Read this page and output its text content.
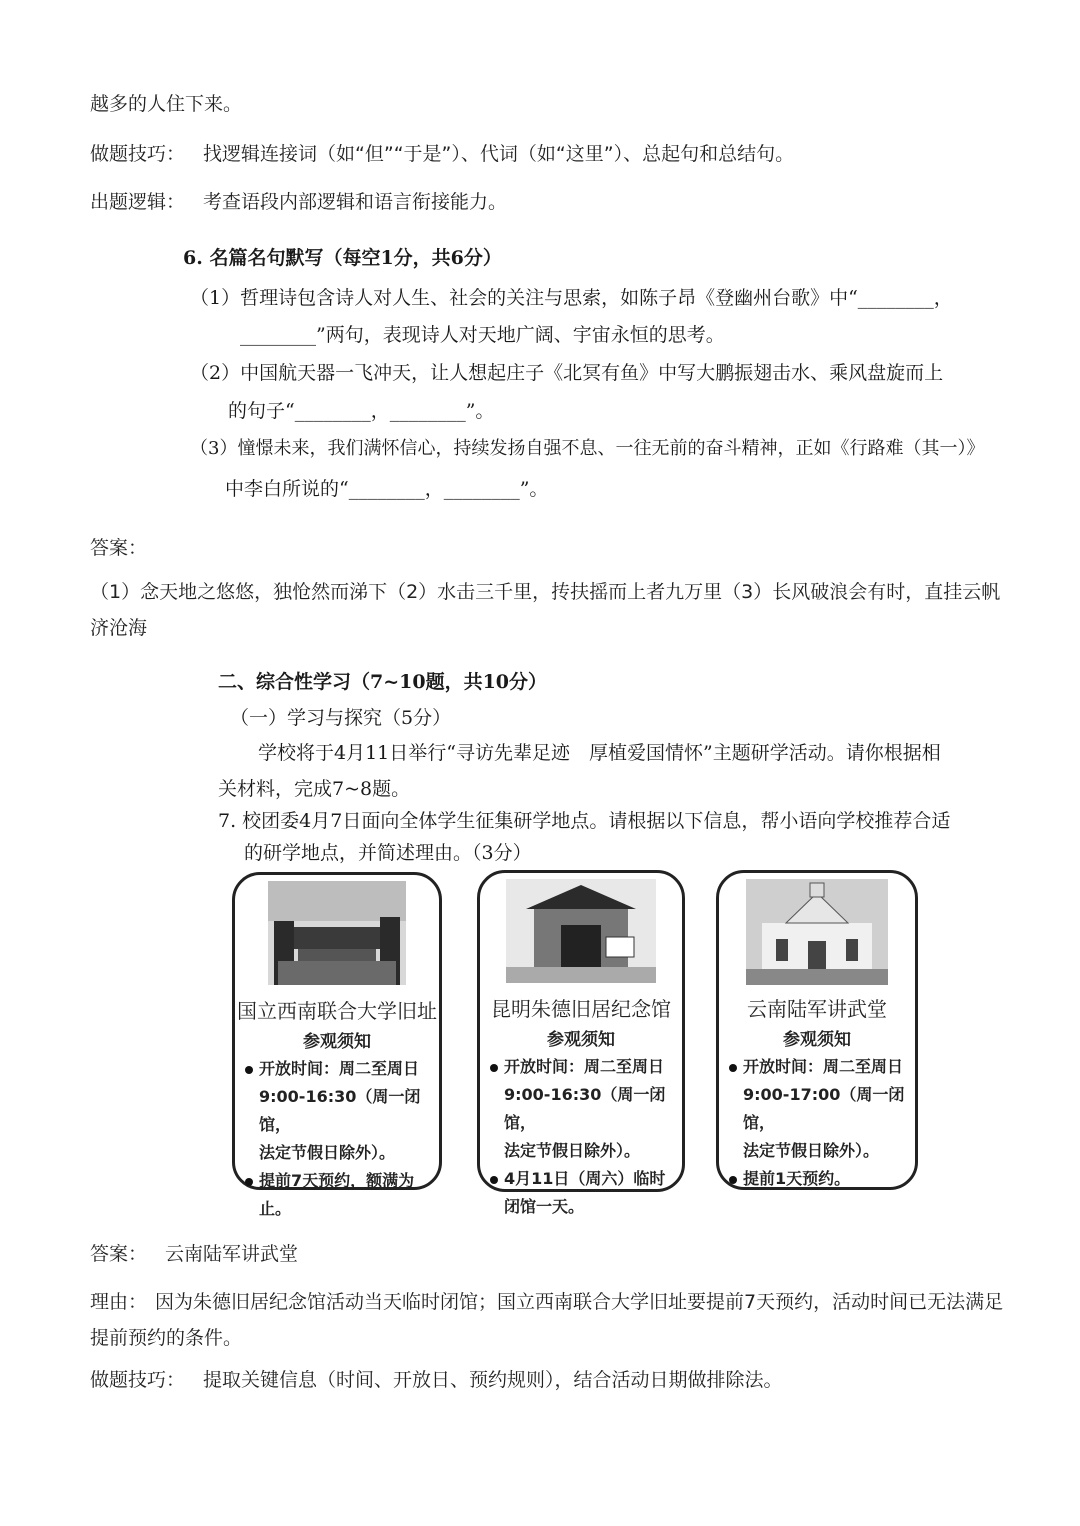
越多的人住下来。
做题技巧： 找逻辑连接词（如“但”“于是”）、代词（如“这里”）、总起句和总结句。
出题逻辑： 考查语段内部逻辑和语言衔接能力。
6. 名篇名句默写（每空1分，共6分）
（1）哲理诗包含诗人对人生、社会的关注与思索，如陈子昂《登幽州台歌》中“________，
________”两句，表现诗人对天地广阔、宇宙永恒的思考。
（2）中国航天器一飞冲天，让人想起庄子《北冥有鱼》中写大鹏振翅击水、乘风盘旋而上
的句子“________，________”。
（3）憧憬未来，我们满怀信心，持续发扬自强不息、一往无前的奋斗精神，正如《行路难（其一）》
中李白所说的“________，________”。
答案：
（1）念天地之悠悠，独怆然而涕下（2）水击三千里，抟扶摇而上者九万里（3）长风破浪会有时，直挂云帆济沧海
二、综合性学习（7~10题，共10分）
（一）学习与探究（5分）
学校将于4月11日举行“寻访先辈足迹　厚植爱国情怀”主题研学活动。请你根据相
关材料，完成7~8题。
7. 校团委4月7日面向全体学生征集研学地点。请根据以下信息，帮小语向学校推荐合适
的研学地点，并简述理由。（3分）
国立西南联合大学旧址
参观须知
开放时间：周二至周日
9:00-16:30（周一闭馆，
法定节假日除外）。
提前7天预约，额满为
止。
昆明朱德旧居纪念馆
参观须知
开放时间：周二至周日
9:00-16:30（周一闭馆，
法定节假日除外）。
4月11日（周六）临时
闭馆一天。
云南陆军讲武堂
参观须知
开放时间：周二至周日
9:00-17:00（周一闭馆，
法定节假日除外）。
提前1天预约。
答案： 云南陆军讲武堂
理由： 因为朱德旧居纪念馆活动当天临时闭馆；国立西南联合大学旧址要提前7天预约，活动时间已无法满足提前预约的条件。
做题技巧： 提取关键信息（时间、开放日、预约规则），结合活动日期做排除法。
